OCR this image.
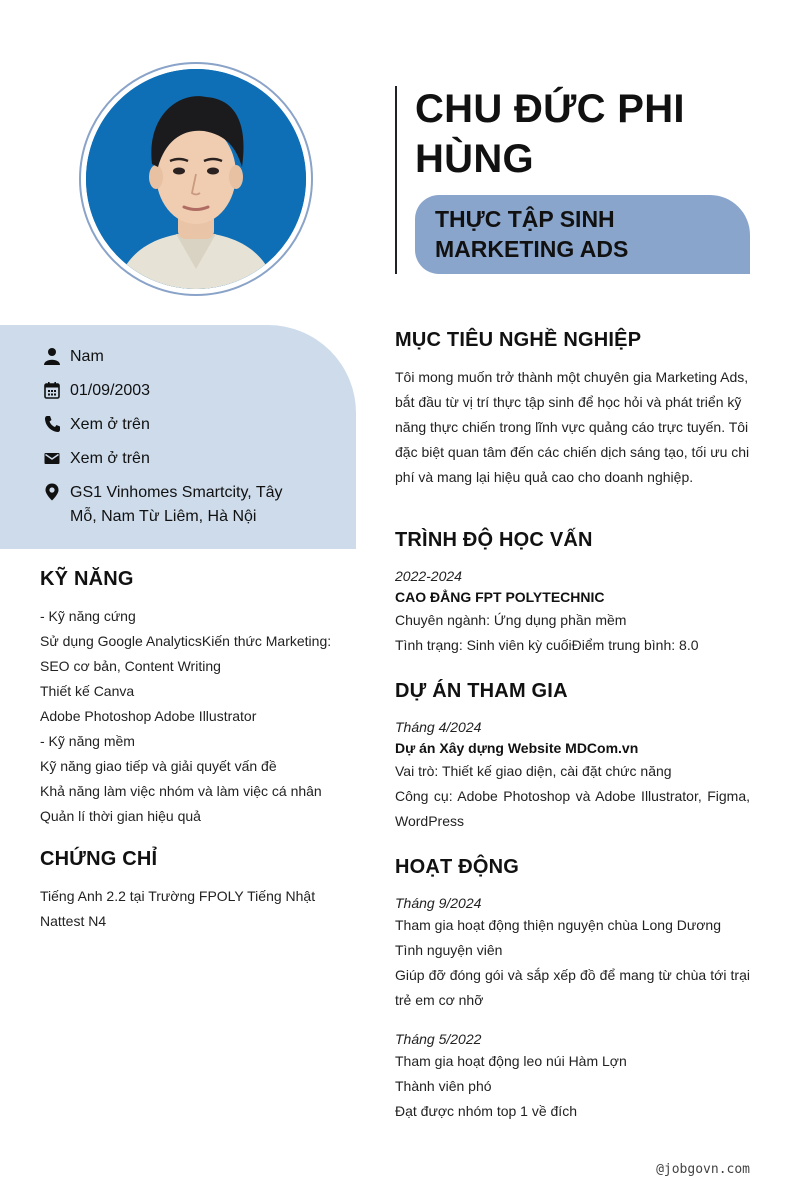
CHU ĐỨC PHI HÙNG
THỰC TẬP SINH MARKETING ADS
Nam
01/09/2003
Xem ở trên
Xem ở trên
GS1 Vinhomes Smartcity, Tây Mỗ, Nam Từ Liêm, Hà Nội
KỸ NĂNG
- Kỹ năng cứng
Sử dụng Google AnalyticsKiến thức Marketing:
SEO cơ bản, Content Writing
Thiết kế Canva
Adobe Photoshop Adobe Illustrator
- Kỹ năng mềm
Kỹ năng giao tiếp và giải quyết vấn đề
Khả năng làm việc nhóm và làm việc cá nhân
Quản lí thời gian hiệu quả
CHỨNG CHỈ
Tiếng Anh 2.2 tại Trường FPOLY Tiếng Nhật Nattest N4
MỤC TIÊU NGHỀ NGHIỆP
Tôi mong muốn trở thành một chuyên gia Marketing Ads, bắt đầu từ vị trí thực tập sinh để học hỏi và phát triển kỹ năng thực chiến trong lĩnh vực quảng cáo trực tuyến. Tôi đặc biệt quan tâm đến các chiến dịch sáng tạo, tối ưu chi phí và mang lại hiệu quả cao cho doanh nghiệp.
TRÌNH ĐỘ HỌC VẤN
2022-2024
CAO ĐẲNG FPT POLYTECHNIC
Chuyên ngành: Ứng dụng phần mềm
Tình trạng: Sinh viên kỳ cuốiĐiểm trung bình: 8.0
DỰ ÁN THAM GIA
Tháng 4/2024
Dự án Xây dựng Website MDCom.vn
Vai trò: Thiết kế giao diện, cài đặt chức năng
Công cụ: Adobe Photoshop và Adobe Illustrator, Figma, WordPress
HOẠT ĐỘNG
Tháng 9/2024
Tham gia hoạt động thiện nguyện chùa Long Dương
Tình nguyện viên
Giúp đỡ đóng gói và sắp xếp đồ để mang từ chùa tới trại trẻ em cơ nhỡ
Tháng 5/2022
Tham gia hoạt động leo núi Hàm Lợn
Thành viên phó
Đạt được nhóm top 1 về đích
@jobgovn.com
